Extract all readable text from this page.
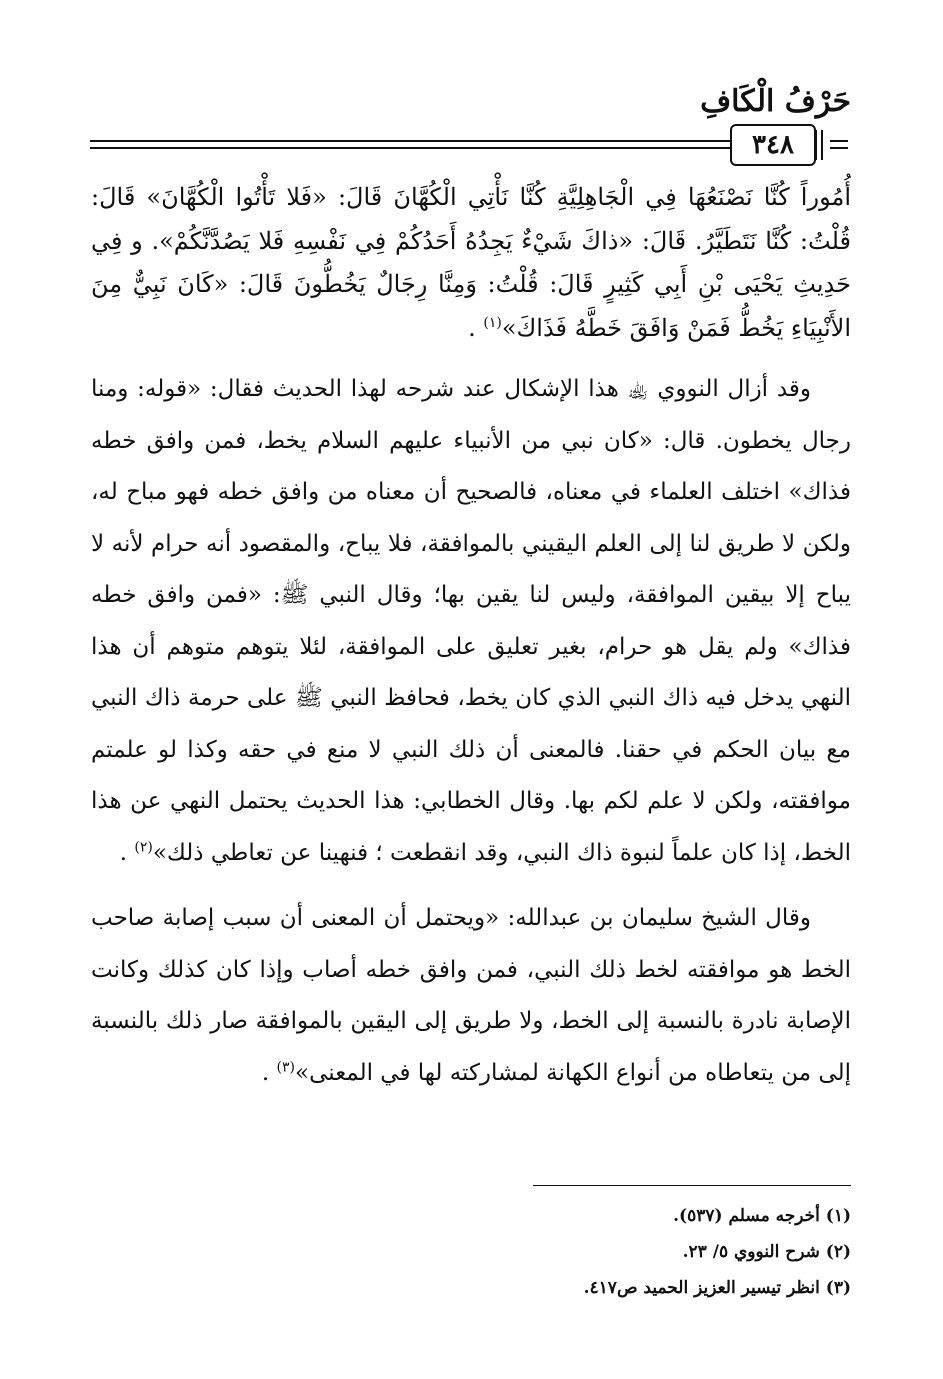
حَرْفُ الْكَافِ
٣٤٨

أُمُوراً كُنَّا نَصْنَعُهَا فِي الْجَاهِلِيَّةِ كُنَّا نَأْتِي الْكُهَّانَ قَالَ: «فَلا تَأْتُوا الْكُهَّانَ» قَالَ: قُلْتُ: كُنَّا نَتَطَيَّرُ. قَالَ: «ذاكَ شَيْءٌ يَجِدُهُ أَحَدُكُمْ فِي نَفْسِهِ فَلا يَصُدَّنَّكُمْ». و فِي حَدِيثِ يَحْيَى بْنِ أَبِي كَثِيرٍ قَالَ: قُلْتُ: وَمِنَّا رِجَالٌ يَخُطُّونَ قَالَ: «كَانَ نَبِيٌّ مِنَ الأَنْبِيَاءِ يَخُطُّ فَمَنْ وَافَقَ خَطَّهُ فَذَاكَ»$^{(١)}$ .

وقد أزال النووي ﵀ هذا الإشكال عند شرحه لهذا الحديث فقال: «قوله: ومنا رجال يخطون. قال: «كان نبي من الأنبياء عليهم السلام يخط، فمن وافق خطه فذاك» اختلف العلماء في معناه، فالصحيح أن معناه من وافق خطه فهو مباح له، ولكن لا طريق لنا إلى العلم اليقيني بالموافقة، فلا يباح، والمقصود أنه حرام لأنه لا يباح إلا بيقين الموافقة، وليس لنا يقين بها؛ وقال النبي ﷺ: «فمن وافق خطه فذاك» ولم يقل هو حرام، بغير تعليق على الموافقة، لئلا يتوهم متوهم أن هذا النهي يدخل فيه ذاك النبي الذي كان يخط، فحافظ النبي ﷺ على حرمة ذاك النبي مع بيان الحكم في حقنا. فالمعنى أن ذلك النبي لا منع في حقه وكذا لو علمتم موافقته، ولكن لا علم لكم بها. وقال الخطابي: هذا الحديث يحتمل النهي عن هذا الخط، إذا كان علماً لنبوة ذاك النبي، وقد انقطعت ؛ فنهينا عن تعاطي ذلك»$^{(٢)}$ .

وقال الشيخ سليمان بن عبدالله: «ويحتمل أن المعنى أن سبب إصابة صاحب الخط هو موافقته لخط ذلك النبي، فمن وافق خطه أصاب وإذا كان كذلك وكانت الإصابة نادرة بالنسبة إلى الخط، ولا طريق إلى اليقين بالموافقة صار ذلك بالنسبة إلى من يتعاطاه من أنواع الكهانة لمشاركته لها في المعنى»$^{(٣)}$ .

(١) أخرجه مسلم (٥٣٧).
(٢) شرح النووي ٥/ ٢٣.
(٣) انظر تيسير العزيز الحميد ص٤١٧.
